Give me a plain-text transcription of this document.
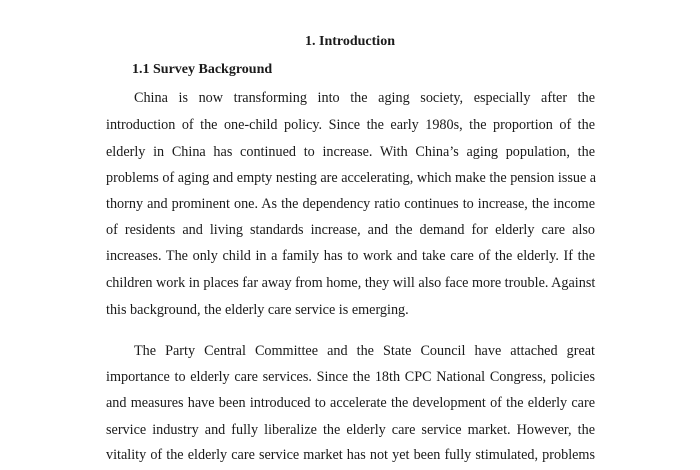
1. Introduction
1.1 Survey Background
China is now transforming into the aging society, especially after the
introduction of the one-child policy. Since the early 1980s, the proportion of the
elderly in China has continued to increase. With China’s aging population, the
problems of aging and empty nesting are accelerating, which make the pension issue a
thorny and prominent one. As the dependency ratio continues to increase, the income
of residents and living standards increase, and the demand for elderly care also
increases. The only child in a family has to work and take care of the elderly. If the
children work in places far away from home, they will also face more trouble. Against
this background, the elderly care service is emerging.
The Party Central Committee and the State Council have attached great
importance to elderly care services. Since the 18th CPC National Congress, policies
and measures have been introduced to accelerate the development of the elderly care
service industry and fully liberalize the elderly care service market. However, the
vitality of the elderly care service market has not yet been fully stimulated, problems
